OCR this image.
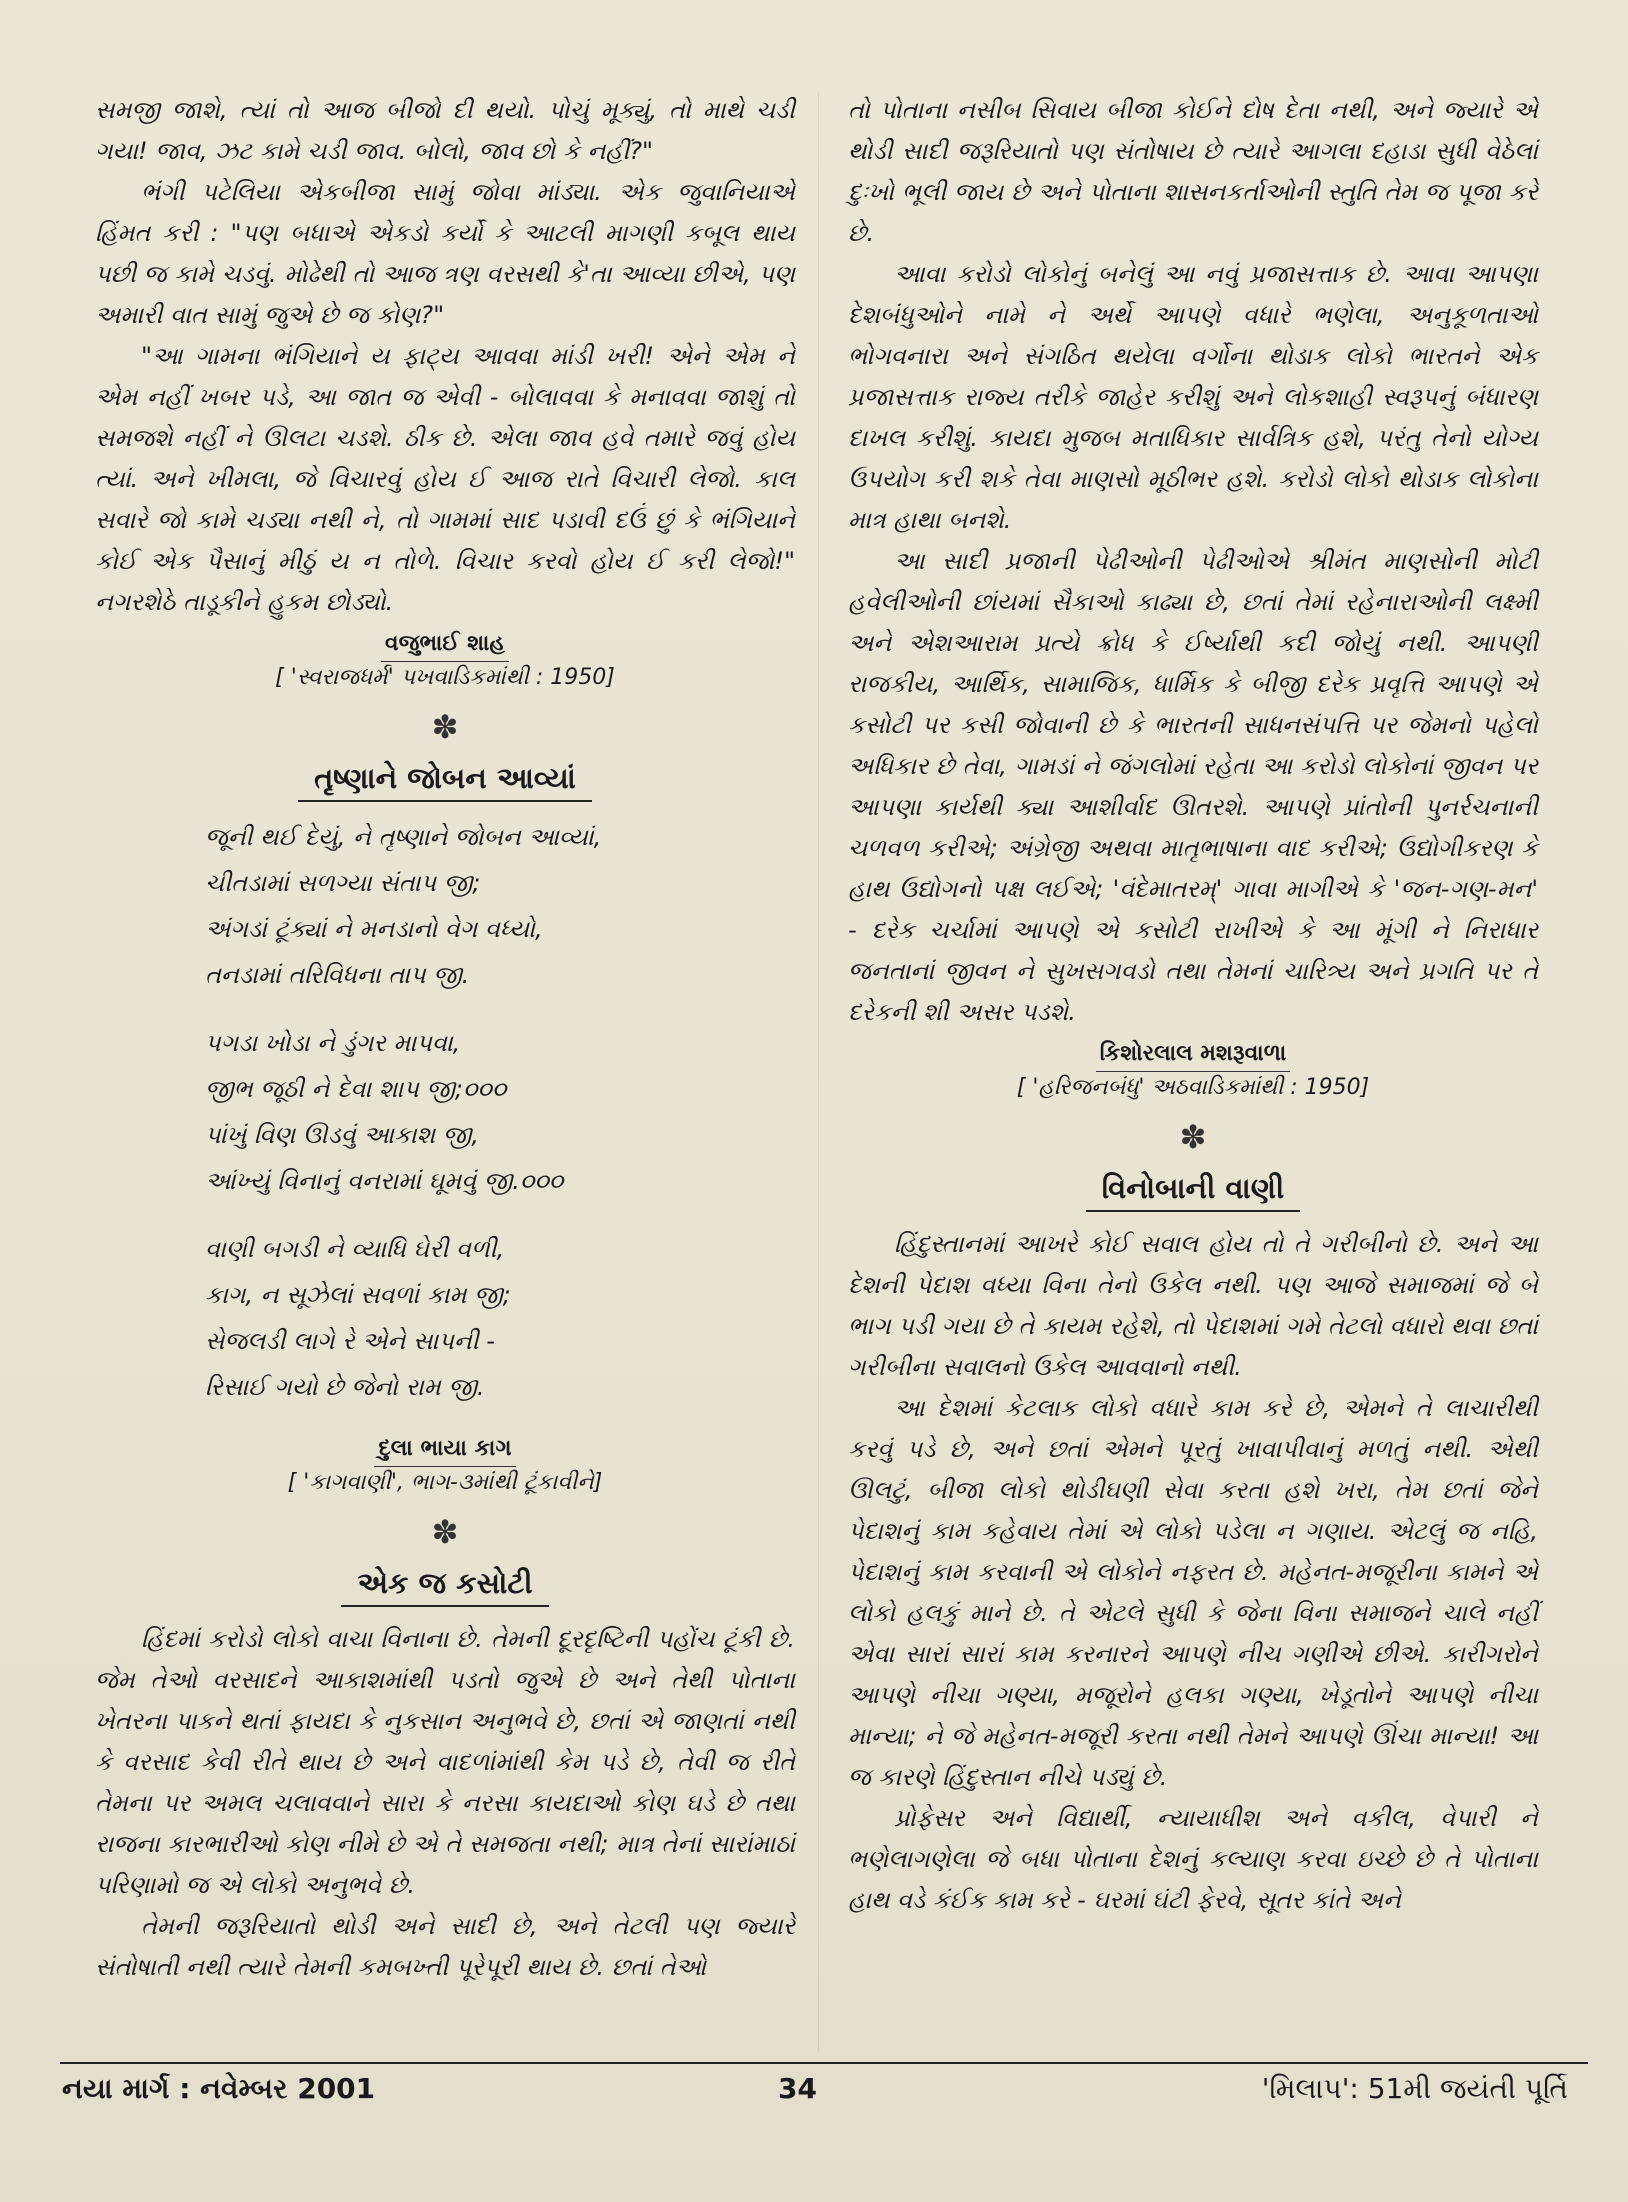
સમજી જાશે, ત્યાં તો આજ બીજો દી થયો. પોચું મૂક્યું, તો માથે ચડી ગયા! જાવ, ઝટ કામે ચડી જાવ. બોલો, જાવ છો કે નહીં?"

ભંગી પટેલિયા એકબીજા સામું જોવા માંડ્યા. એક જુવાનિયાએ હિંમત કરી : "પણ બધાએ એકડો કર્યો કે આટલી માગણી કબૂલ થાય પછી જ કામે ચડવું. મોઢેથી તો આજ ત્રણ વરસથી કે'તા આવ્યા છીએ, પણ અમારી વાત સામું જુએ છે જ કોણ?"

"આ ગામના ભંગિયાને ય ફાટ્ય આવવા માંડી ખરી! એને એમ ને એમ નહીં ખબર પડે, આ જાત જ એવી - બોલાવવા કે મનાવવા જાશું તો સમજશે નહીં ને ઊલટા ચડશે. ઠીક છે. એલા જાવ હવે તમારે જવું હોય ત્યાં. અને ખીમલા, જે વિચારવું હોય ઈ આજ રાતે વિચારી લેજો. કાલ સવારે જો કામે ચડ્યા નથી ને, તો ગામમાં સાદ પડાવી દઉં છું કે ભંગિયાને કોઈ એક પૈસાનું મીઠું ય ન તોળે. વિચાર કરવો હોય ઈ કરી લેજો!" નગરશેઠે તાડૂકીને હુકમ છોડ્યો.

વજુભાઈ શાહ
[ 'સ્વરાજધર્મ' પખવાડિકમાંથી : 1950]
✽
તૃષ્ણાને જોબન આવ્યાં
જૂની થઈ દેયું, ને તૃષ્ણાને જોબન આવ્યાં,
ચીતડામાં સળગ્યા સંતાપ જી;
અંગડાં ટૂંક્યાં ને મનડાનો વેગ વધ્યો,
તનડામાં તરિવિધના તાપ જી.
પગડા ખોડા ને ડુંગર માપવા,
જીભ જૂઠી ને દેવા શાપ જી;૦૦૦
પાંખું વિણ ઊડવું આકાશ જી,
આંખ્યું વિનાનું વનરામાં ઘૂમવું જી.૦૦૦
વાણી બગડી ને વ્યાધિ ઘેરી વળી,
કાગ, ન સૂઝેલાં સવળાં કામ જી;
સેજલડી લાગે રે એને સાપની -
રિસાઈ ગયો છે જેનો રામ જી.
દુલા ભાયા કાગ
[ 'કાગવાણી', ભાગ-૩માંથી ટૂંકાવીને]
✽
એક જ કસોટી

હિંદમાં કરોડો લોકો વાચા વિનાના છે. તેમની દૂરદૃષ્ટિની પહોંચ ટૂંકી છે. જેમ તેઓ વરસાદને આકાશમાંથી પડતો જુએ છે અને તેથી પોતાના ખેતરના પાકને થતાં ફાયદા કે નુકસાન અનુભવે છે, છતાં એ જાણતાં નથી કે વરસાદ કેવી રીતે થાય છે અને વાદળાંમાંથી કેમ પડે છે, તેવી જ રીતે તેમના પર અમલ ચલાવવાને સારા કે નરસા કાયદાઓ કોણ ઘડે છે તથા રાજના કારભારીઓ કોણ નીમે છે એ તે સમજતા નથી; માત્ર તેનાં સારાંમાઠાં પરિણામો જ એ લોકો અનુભવે છે.

તેમની જરૂરિયાતો થોડી અને સાદી છે, અને તેટલી પણ જ્યારે સંતોષાતી નથી ત્યારે તેમની કમબખ્તી પૂરેપૂરી થાય છે. છતાં તેઓ

તો પોતાના નસીબ સિવાય બીજા કોઈને દોષ દેતા નથી, અને જ્યારે એ થોડી સાદી જરૂરિયાતો પણ સંતોષાય છે ત્યારે આગલા દહાડા સુધી વેઠેલાં દુઃખો ભૂલી જાય છે અને પોતાના શાસનકર્તાઓની સ્તુતિ તેમ જ પૂજા કરે છે.

આવા કરોડો લોકોનું બનેલું આ નવું પ્રજાસત્તાક છે. આવા આપણા દેશબંધુઓને નામે ને અર્થે આપણે વધારે ભણેલા, અનુકૂળતાઓ ભોગવનારા અને સંગઠિત થયેલા વર્ગોના થોડાક લોકો ભારતને એક પ્રજાસત્તાક રાજ્ય તરીકે જાહેર કરીશું અને લોકશાહી સ્વરૂપનું બંધારણ દાખલ કરીશું. કાયદા મુજબ મતાધિકાર સાર્વત્રિક હશે, પરંતુ તેનો યોગ્ય ઉપયોગ કરી શકે તેવા માણસો મૂઠીભર હશે. કરોડો લોકો થોડાક લોકોના માત્ર હાથા બનશે.

આ સાદી પ્રજાની પેઢીઓની પેઢીઓએ શ્રીમંત માણસોની મોટી હવેલીઓની છાંયમાં સૈકાઓ કાઢ્યા છે, છતાં તેમાં રહેનારાઓની લક્ષ્મી અને એશઆરામ પ્રત્યે ક્રોધ કે ઈર્ષ્યાથી કદી જોયું નથી. આપણી રાજકીય, આર્થિક, સામાજિક, ધાર્મિક કે બીજી દરેક પ્રવૃત્તિ આપણે એ કસોટી પર કસી જોવાની છે કે ભારતની સાધનસંપત્તિ પર જેમનો પહેલો અધિકાર છે તેવા, ગામડાં ને જંગલોમાં રહેતા આ કરોડો લોકોનાં જીવન પર આપણા કાર્યથી ક્યા આશીર્વાદ ઊતરશે. આપણે પ્રાંતોની પુનર્રચનાની ચળવળ કરીએ; અંગ્રેજી અથવા માતૃભાષાના વાદ કરીએ; ઉદ્યોગીકરણ કે હાથ ઉદ્યોગનો પક્ષ લઈએ; 'વંદેમાતરમ્' ગાવા માગીએ કે 'જન-ગણ-મન' - દરેક ચર્ચામાં આપણે એ કસોટી રાખીએ કે આ મૂંગી ને નિરાધાર જનતાનાં જીવન ને સુખસગવડો તથા તેમનાં ચારિત્ર્ય અને પ્રગતિ પર તે દરેકની શી અસર પડશે.

કિશોરલાલ મશરૂવાળા
[ 'હરિજનબંધુ' અઠવાડિકમાંથી : 1950]
✽
વિનોબાની વાણી

હિંદુસ્તાનમાં આખરે કોઈ સવાલ હોય તો તે ગરીબીનો છે. અને આ દેશની પેદાશ વધ્યા વિના તેનો ઉકેલ નથી. પણ આજે સમાજમાં જે બે ભાગ પડી ગયા છે તે કાયમ રહેશે, તો પેદાશમાં ગમે તેટલો વધારો થવા છતાં ગરીબીના સવાલનો ઉકેલ આવવાનો નથી.

આ દેશમાં કેટલાક લોકો વધારે કામ કરે છે, એમને તે લાચારીથી કરવું પડે છે, અને છતાં એમને પૂરતું ખાવાપીવાનું મળતું નથી. એથી ઊલટું, બીજા લોકો થોડીઘણી સેવા કરતા હશે ખરા, તેમ છતાં જેને પેદાશનું કામ કહેવાય તેમાં એ લોકો પડેલા ન ગણાય. એટલું જ નહિ, પેદાશનું કામ કરવાની એ લોકોને નફરત છે. મહેનત-મજૂરીના કામને એ લોકો હલકું માને છે. તે એટલે સુધી કે જેના વિના સમાજને ચાલે નહીં એવા સારાં સારાં કામ કરનારને આપણે નીચ ગણીએ છીએ. કારીગરોને આપણે નીચા ગણ્યા, મજૂરોને હલકા ગણ્યા, ખેડૂતોને આપણે નીચા માન્યા; ને જે મહેનત-મજૂરી કરતા નથી તેમને આપણે ઊંચા માન્યા! આ જ કારણે હિંદુસ્તાન નીચે પડ્યું છે.

પ્રોફેસર અને વિદ્યાર્થી, ન્યાયાધીશ અને વકીલ, વેપારી ને ભણેલાગણેલા જે બધા પોતાના દેશનું કલ્યાણ કરવા ઇચ્છે છે તે પોતાના હાથ વડે કંઈક કામ કરે - ઘરમાં ઘંટી ફેરવે, સૂતર કાંતે અને

નયા માર્ગ : નવેમ્બર 2001	34	'મિલાપ': 51મી જયંતી પૂર્તિ
